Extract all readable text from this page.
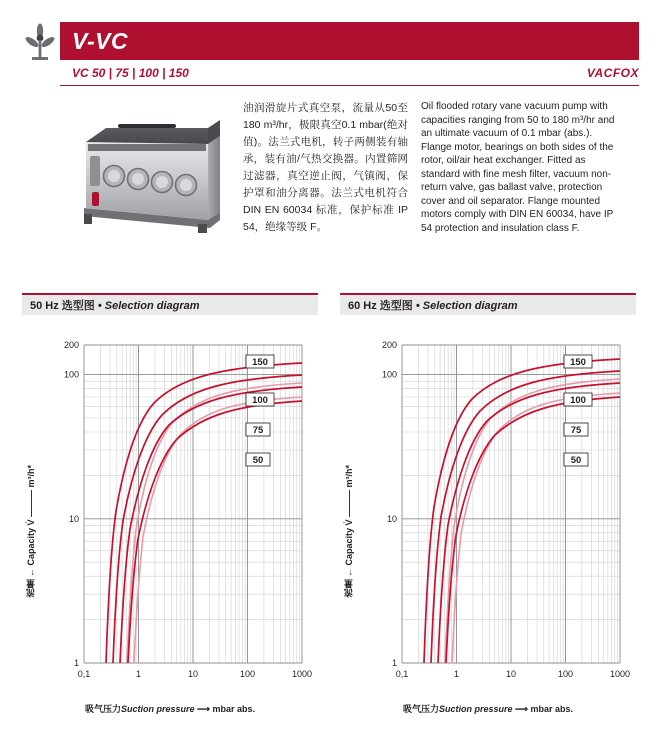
V-VC
VC 50 | 75 | 100 | 150	VACFOX
油润滑旋片式真空泵，流量从50至180 m³/hr，极限真空0.1 mbar(绝对值)。法兰式电机，转子两侧装有轴承，装有油/气热交换器。内置筛网过滤器，真空逆止阀，气镇阀，保护罩和油分离器。法兰式电机符合 DIN EN 60034 标准，保护标准 IP 54，绝缘等级 F。
Oil flooded rotary vane vacuum pump with capacities ranging from 50 to 180 m³/hr and an ultimate vacuum of 0.1 mbar (abs.). Flange motor, bearings on both sides of the rotor, oil/air heat exchanger. Fitted as standard with fine mesh filter, vacuum non-return valve, gas ballast valve, protection cover and oil separator. Flange mounted motors comply with DIN EN 60034, have IP 54 protection and insulation class F.
50 Hz 选型图 • Selection diagram
流量 ← Capacity V̇ ——— m³/h*
150
100
75
50
200
100
10
1
0,1	1	10	100	1000
吸气压力Suction pressure ⟶ mbar abs.
60 Hz 选型图 • Selection diagram
流量 ← Capacity V̇ ——— m³/h*
150
100
75
50
200
100
10
1
0,1	1	10	100	1000
吸气压力Suction pressure ⟶ mbar abs.
